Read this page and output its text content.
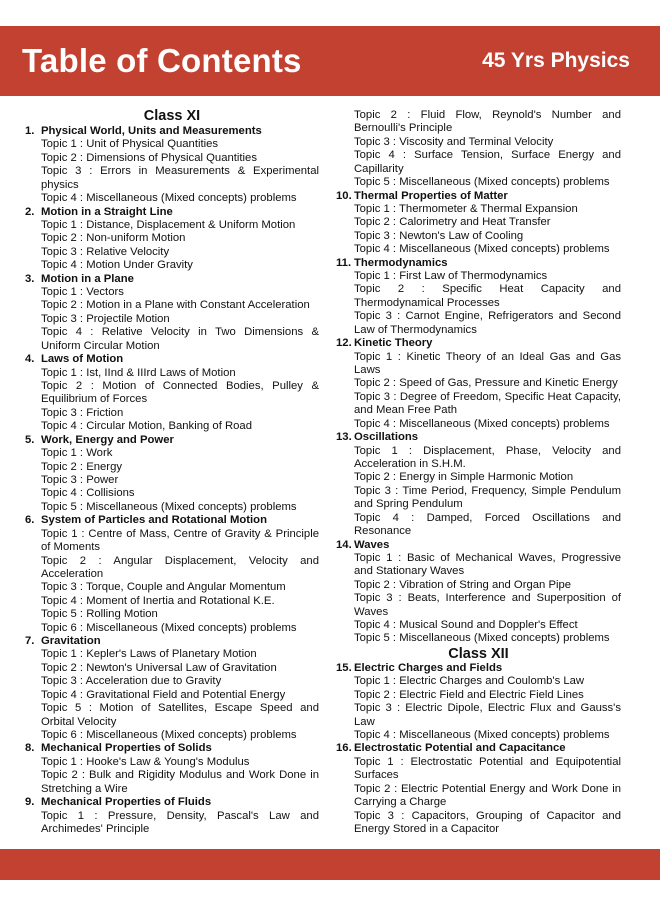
Table of Contents	45 Yrs Physics
Class XI
1. Physical World, Units and Measurements
Topic 1 : Unit of Physical Quantities
Topic 2 : Dimensions of Physical Quantities
Topic 3 : Errors in Measurements & Experimental physics
Topic 4 : Miscellaneous (Mixed concepts) problems
2. Motion in a Straight Line
Topic 1 : Distance, Displacement & Uniform Motion
Topic 2 : Non-uniform Motion
Topic 3 : Relative Velocity
Topic 4 : Motion Under Gravity
3. Motion in a Plane
Topic 1 : Vectors
Topic 2 : Motion in a Plane with Constant Acceleration
Topic 3 : Projectile Motion
Topic 4 : Relative Velocity in Two Dimensions & Uniform Circular Motion
4. Laws of Motion
Topic 1 : Ist, IInd & IIIrd Laws of Motion
Topic 2 : Motion of Connected Bodies, Pulley & Equilibrium of Forces
Topic 3 : Friction
Topic 4 : Circular Motion, Banking of Road
5. Work, Energy and Power
Topic 1 : Work
Topic 2 : Energy
Topic 3 : Power
Topic 4 : Collisions
Topic 5 : Miscellaneous (Mixed concepts) problems
6. System of Particles and Rotational Motion
Topic 1 : Centre of Mass, Centre of Gravity & Principle of Moments
Topic 2 : Angular Displacement, Velocity and Acceleration
Topic 3 : Torque, Couple and Angular Momentum
Topic 4 : Moment of Inertia and Rotational K.E.
Topic 5 : Rolling Motion
Topic 6 : Miscellaneous (Mixed concepts) problems
7. Gravitation
Topic 1 : Kepler's Laws of Planetary Motion
Topic 2 : Newton's Universal Law of Gravitation
Topic 3 : Acceleration due to Gravity
Topic 4 : Gravitational Field and Potential Energy
Topic 5 : Motion of Satellites, Escape Speed and Orbital Velocity
Topic 6 : Miscellaneous (Mixed concepts) problems
8. Mechanical Properties of Solids
Topic 1 : Hooke's Law & Young's Modulus
Topic 2 : Bulk and Rigidity Modulus and Work Done in Stretching a Wire
9. Mechanical Properties of Fluids
Topic 1 : Pressure, Density, Pascal's Law and Archimedes' Principle
Topic 2 : Fluid Flow, Reynold's Number and Bernoulli's Principle
Topic 3 : Viscosity and Terminal Velocity
Topic 4 : Surface Tension, Surface Energy and Capillarity
Topic 5 : Miscellaneous (Mixed concepts) problems
10. Thermal Properties of Matter
Topic 1 : Thermometer & Thermal Expansion
Topic 2 : Calorimetry and Heat Transfer
Topic 3 : Newton's Law of Cooling
Topic 4 : Miscellaneous (Mixed concepts) problems
11. Thermodynamics
Topic 1 : First Law of Thermodynamics
Topic 2 : Specific Heat Capacity and Thermodynamical Processes
Topic 3 : Carnot Engine, Refrigerators and Second Law of Thermodynamics
12. Kinetic Theory
Topic 1 : Kinetic Theory of an Ideal Gas and Gas Laws
Topic 2 : Speed of Gas, Pressure and Kinetic Energy
Topic 3 : Degree of Freedom, Specific Heat Capacity, and Mean Free Path
Topic 4 : Miscellaneous (Mixed concepts) problems
13. Oscillations
Topic 1 : Displacement, Phase, Velocity and Acceleration in S.H.M.
Topic 2 : Energy in Simple Harmonic Motion
Topic 3 : Time Period, Frequency, Simple Pendulum and Spring Pendulum
Topic 4 : Damped, Forced Oscillations and Resonance
14. Waves
Topic 1 : Basic of Mechanical Waves, Progressive and Stationary Waves
Topic 2 : Vibration of String and Organ Pipe
Topic 3 : Beats, Interference and Superposition of Waves
Topic 4 : Musical Sound and Doppler's Effect
Topic 5 : Miscellaneous (Mixed concepts) problems
Class XII
15. Electric Charges and Fields
Topic 1 : Electric Charges and Coulomb's Law
Topic 2 : Electric Field and Electric Field Lines
Topic 3 : Electric Dipole, Electric Flux and Gauss's Law
Topic 4 : Miscellaneous (Mixed concepts) problems
16. Electrostatic Potential and Capacitance
Topic 1 : Electrostatic Potential and Equipotential Surfaces
Topic 2 : Electric Potential Energy and Work Done in Carrying a Charge
Topic 3 : Capacitors, Grouping of Capacitor and Energy Stored in a Capacitor
